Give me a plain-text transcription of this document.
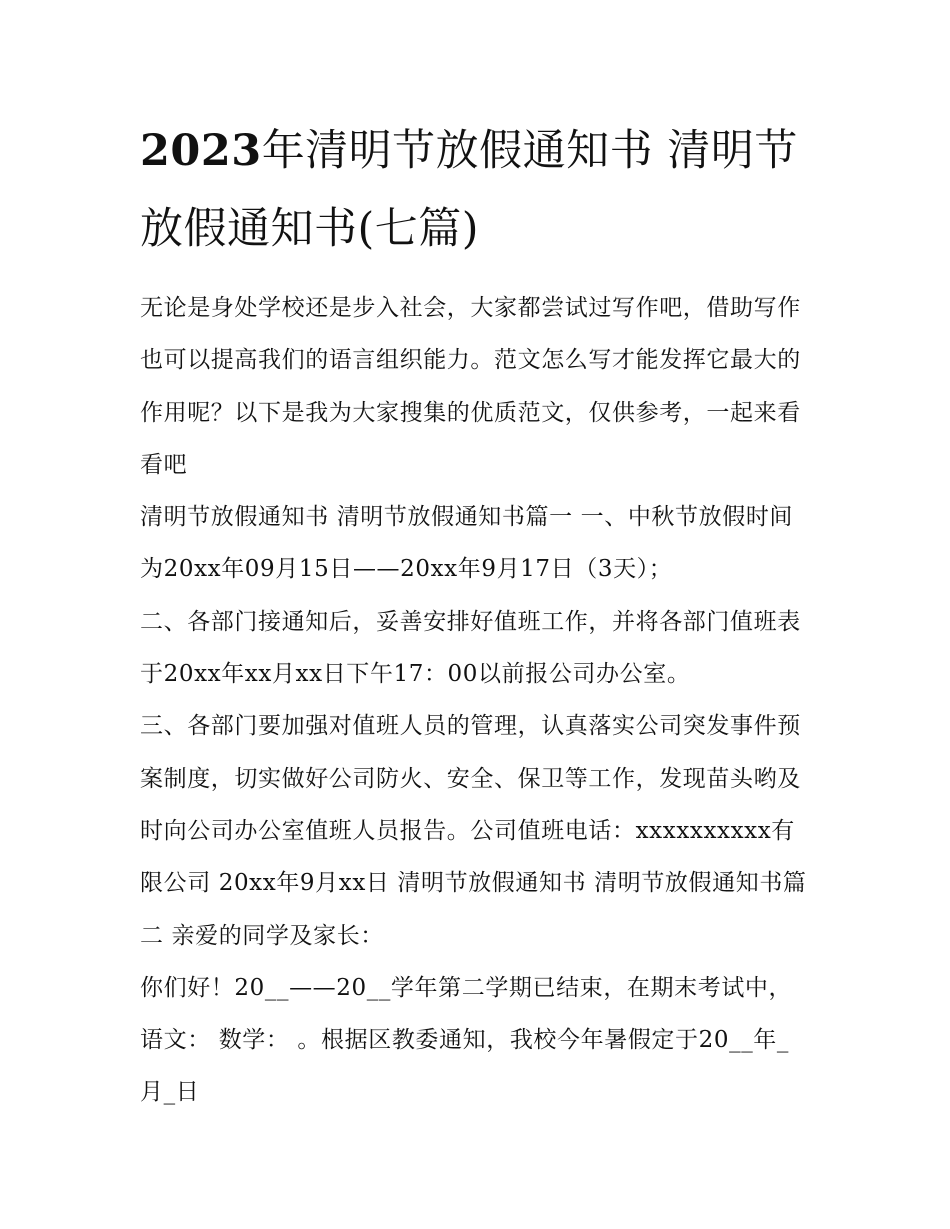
2023年清明节放假通知书 清明节放假通知书(七篇)

无论是身处学校还是步入社会，大家都尝试过写作吧，借助写作也可以提高我们的语言组织能力。范文怎么写才能发挥它最大的作用呢？以下是我为大家搜集的优质范文，仅供参考，一起来看看吧

清明节放假通知书 清明节放假通知书篇一 一、中秋节放假时间为20xx年09月15日——20xx年9月17日（3天）；

二、各部门接通知后，妥善安排好值班工作，并将各部门值班表于20xx年xx月xx日下午17：00以前报公司办公室。

三、各部门要加强对值班人员的管理，认真落实公司突发事件预案制度，切实做好公司防火、安全、保卫等工作，发现苗头哟及时向公司办公室值班人员报告。公司值班电话：xxxxxxxxxx有限公司 20xx年9月xx日 清明节放假通知书 清明节放假通知书篇二 亲爱的同学及家长：

你们好！20__——20__学年第二学期已结束，在期末考试中，语文： 数学： 。根据区教委通知，我校今年暑假定于20__年_月_日
